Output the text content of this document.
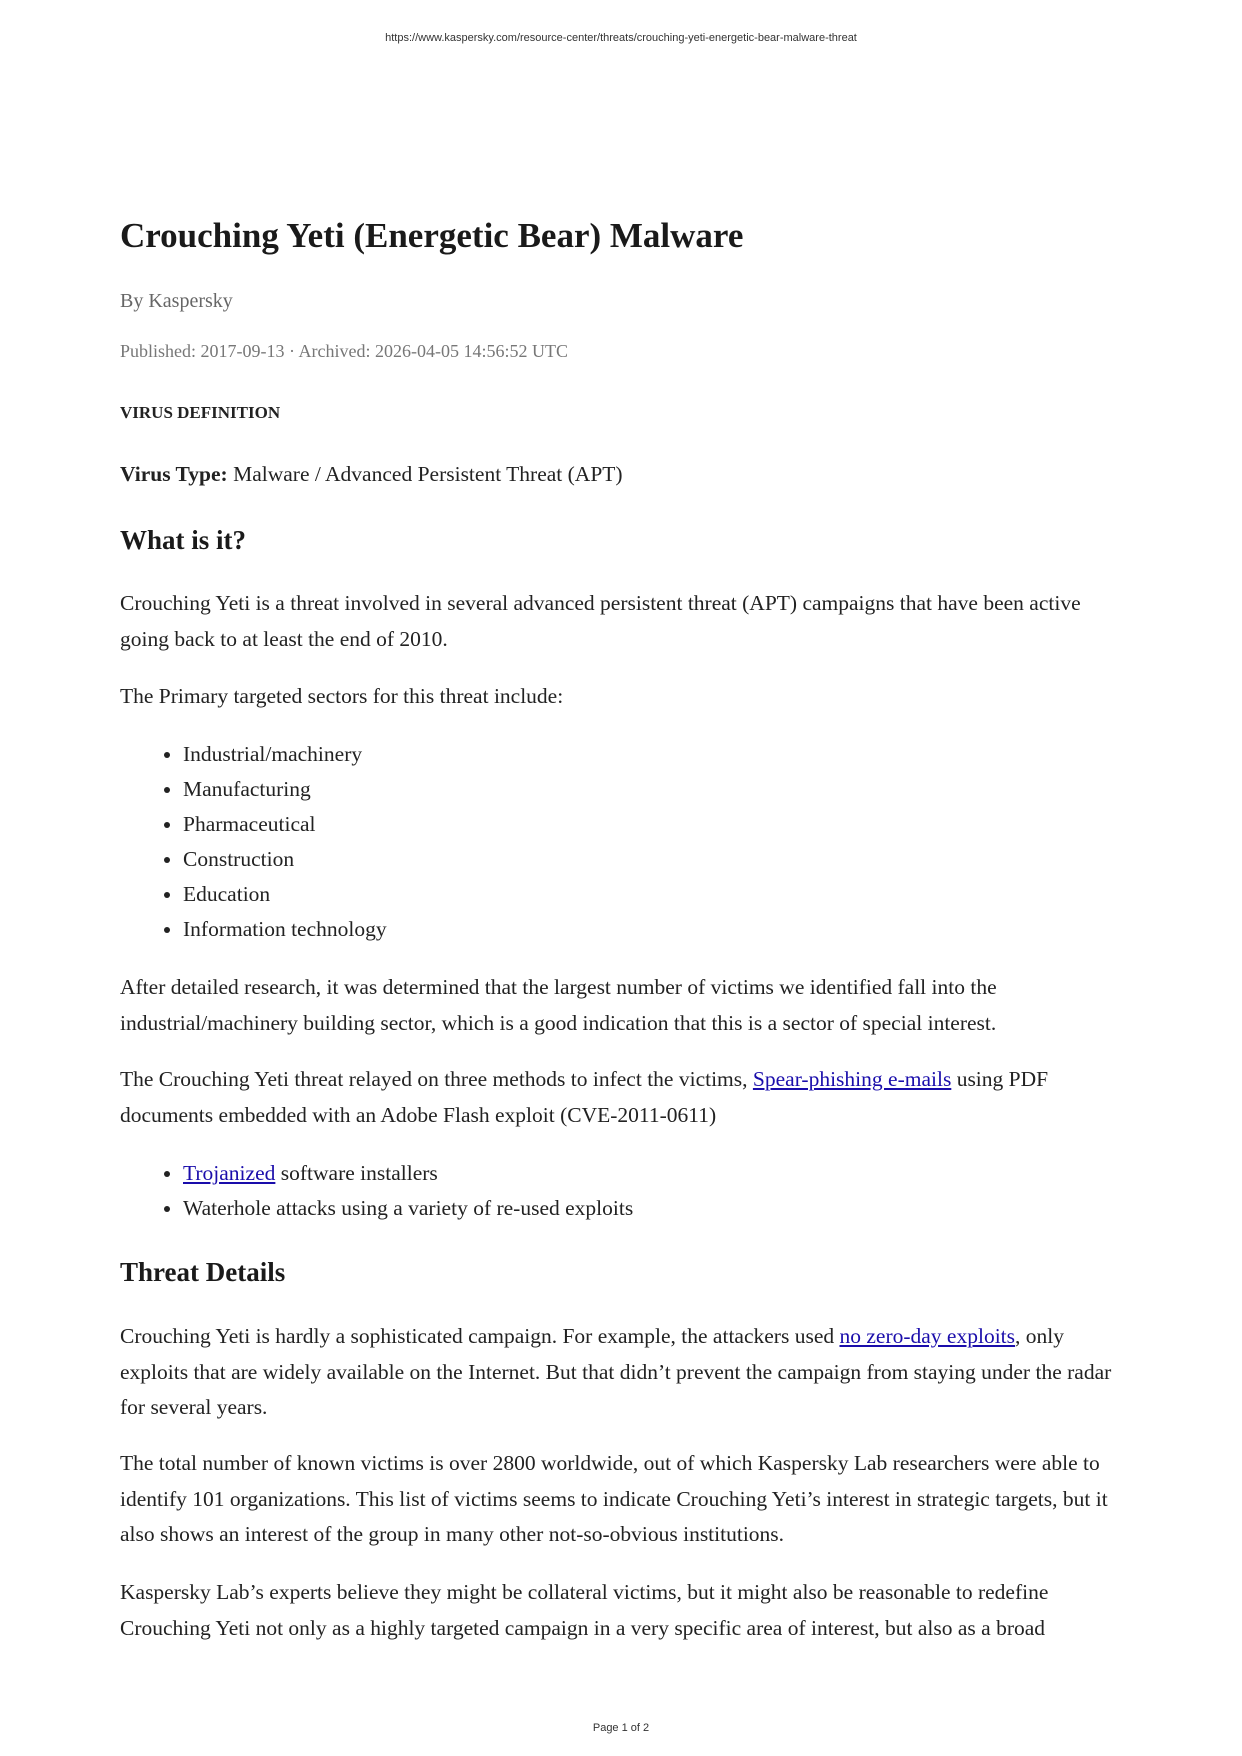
https://www.kaspersky.com/resource-center/threats/crouching-yeti-energetic-bear-malware-threat
Crouching Yeti (Energetic Bear) Malware
By Kaspersky
Published: 2017-09-13 · Archived: 2026-04-05 14:56:52 UTC
VIRUS DEFINITION
Virus Type: Malware / Advanced Persistent Threat (APT)
What is it?

Crouching Yeti is a threat involved in several advanced persistent threat (APT) campaigns that have been active going back to at least the end of 2010.

The Primary targeted sectors for this threat include:

• Industrial/machinery
• Manufacturing
• Pharmaceutical
• Construction
• Education
• Information technology

After detailed research, it was determined that the largest number of victims we identified fall into the industrial/machinery building sector, which is a good indication that this is a sector of special interest.

The Crouching Yeti threat relayed on three methods to infect the victims, Spear-phishing e-mails using PDF documents embedded with an Adobe Flash exploit (CVE-2011-0611)

• Trojanized software installers
• Waterhole attacks using a variety of re-used exploits
Threat Details

Crouching Yeti is hardly a sophisticated campaign. For example, the attackers used no zero-day exploits, only exploits that are widely available on the Internet. But that didn’t prevent the campaign from staying under the radar for several years.

The total number of known victims is over 2800 worldwide, out of which Kaspersky Lab researchers were able to identify 101 organizations. This list of victims seems to indicate Crouching Yeti’s interest in strategic targets, but it also shows an interest of the group in many other not-so-obvious institutions.

Kaspersky Lab’s experts believe they might be collateral victims, but it might also be reasonable to redefine Crouching Yeti not only as a highly targeted campaign in a very specific area of interest, but also as a broad

Page 1 of 2
